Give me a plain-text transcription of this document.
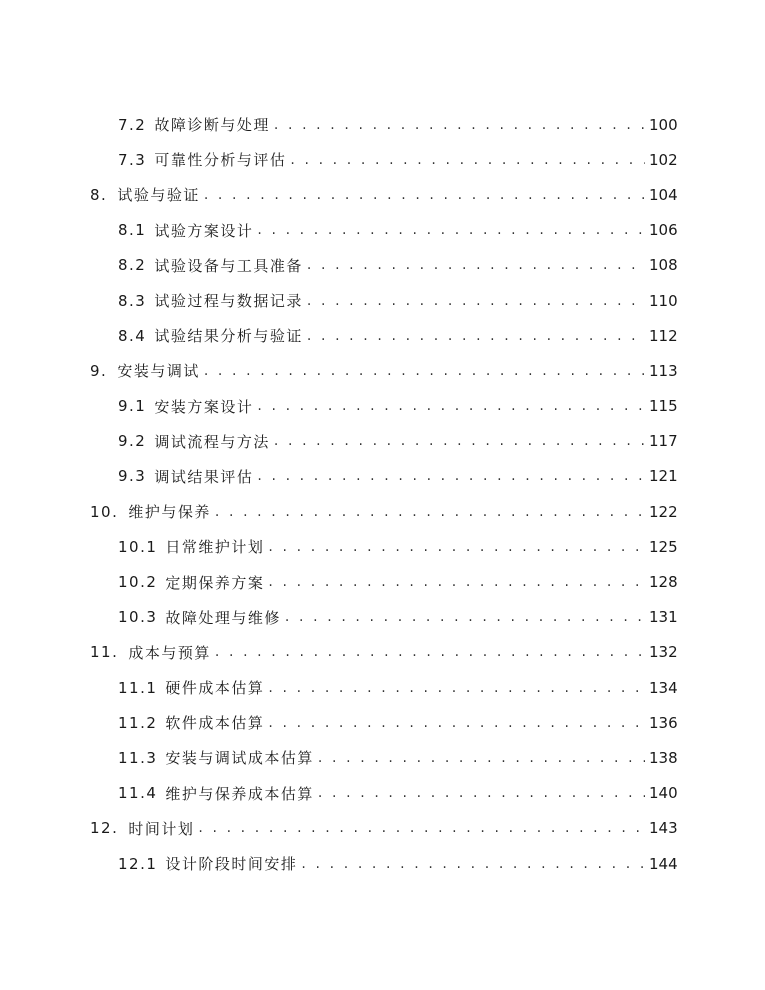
7.2 故障诊断与处理 . . .	100
7.3 可靠性分析与评估 . . .	102
8. 试验与验证 . . .	104
8.1 试验方案设计 . . .	106
8.2 试验设备与工具准备 . . .	108
8.3 试验过程与数据记录 . . .	110
8.4 试验结果分析与验证 . . .	112
9. 安装与调试 . . .	113
9.1 安装方案设计 . . .	115
9.2 调试流程与方法 . . .	117
9.3 调试结果评估 . . .	121
10. 维护与保养 . . .	122
10.1 日常维护计划 . . .	125
10.2 定期保养方案 . . .	128
10.3 故障处理与维修 . . .	131
11. 成本与预算 . . .	132
11.1 硬件成本估算 . . .	134
11.2 软件成本估算 . . .	136
11.3 安装与调试成本估算 . . .	138
11.4 维护与保养成本估算 . . .	140
12. 时间计划 . . .	143
12.1 设计阶段时间安排 . . .	144
